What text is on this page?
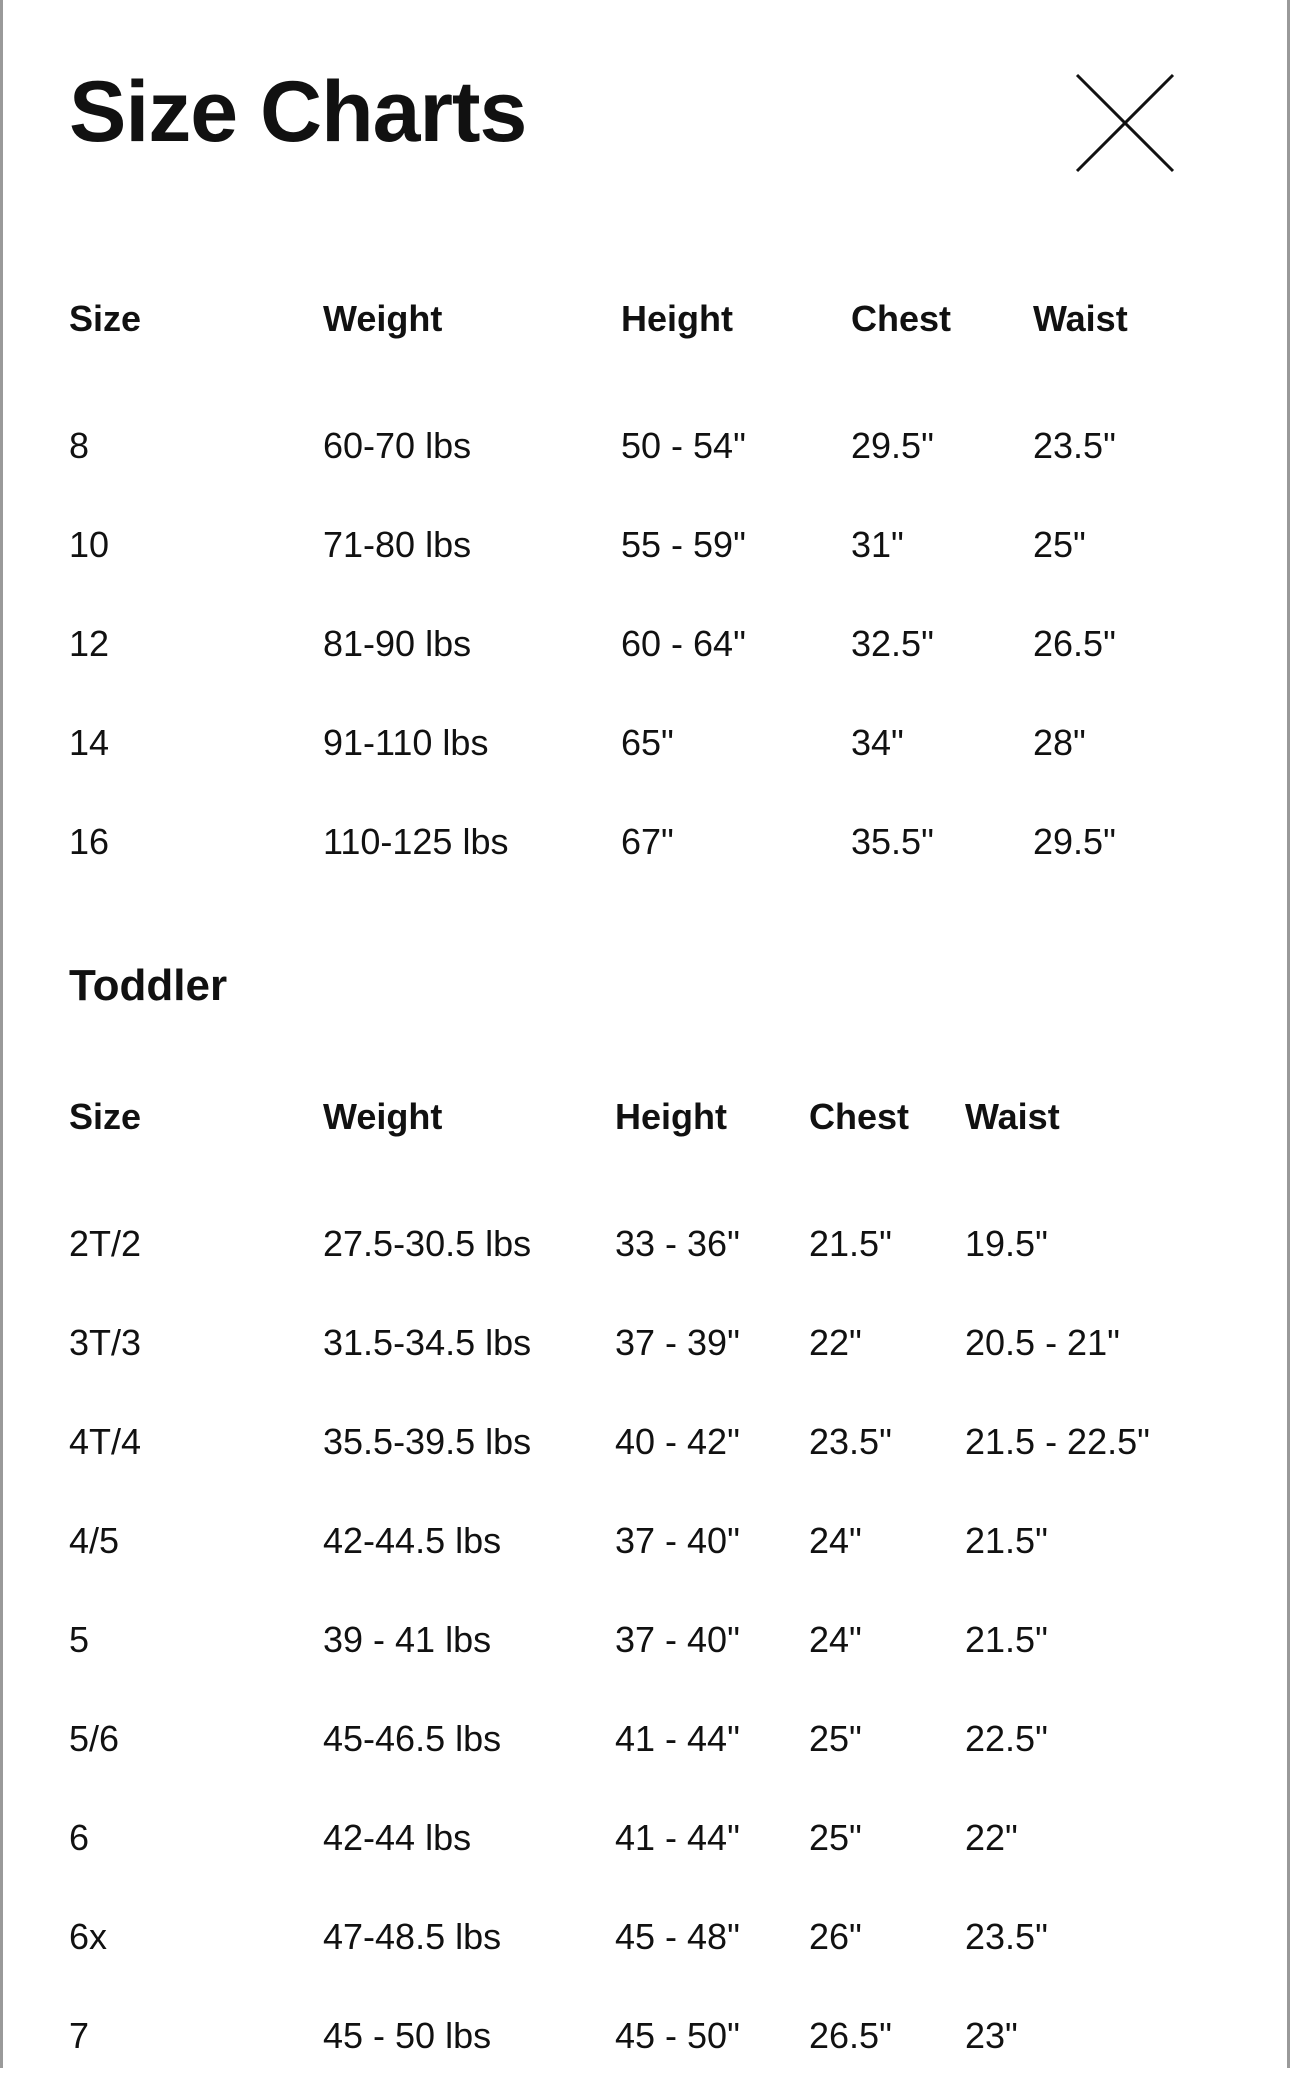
Size Charts
Size	Weight	Height	Chest	Waist

8	60-70 lbs	50 - 54"	29.5"	23.5"
10	71-80 lbs	55 - 59"	31"	25"
12	81-90 lbs	60 - 64"	32.5"	26.5"
14	91-110 lbs	65"	34"	28"
16	110-125 lbs	67"	35.5"	29.5"
Toddler
Size	Weight	Height	Chest	Waist

2T/2	27.5-30.5 lbs	33 - 36"	21.5"	19.5"
3T/3	31.5-34.5 lbs	37 - 39"	22"	20.5 - 21"
4T/4	35.5-39.5 lbs	40 - 42"	23.5"	21.5 - 22.5"
4/5	42-44.5 lbs	37 - 40"	24"	21.5"
5	39 - 41 lbs	37 - 40"	24"	21.5"
5/6	45-46.5 lbs	41 - 44"	25"	22.5"
6	42-44 lbs	41 - 44"	25"	22"
6x	47-48.5 lbs	45 - 48"	26"	23.5"
7	45 - 50 lbs	45 - 50"	26.5"	23"
